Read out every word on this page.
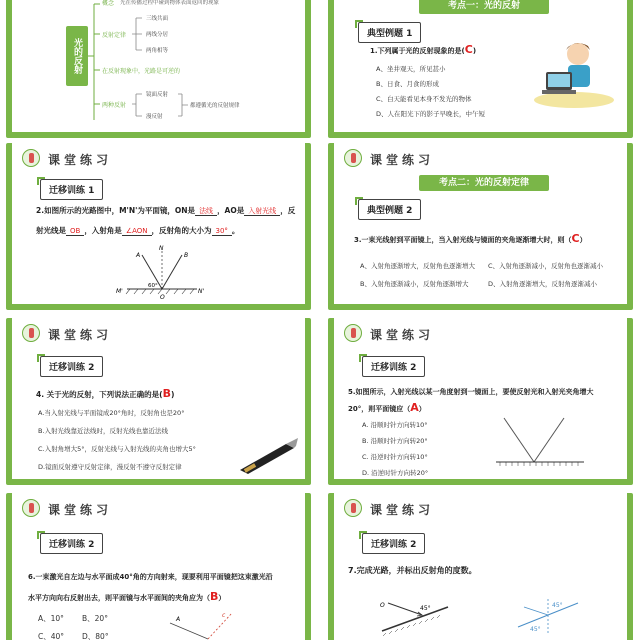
光的反射
概念 光在传播过程中碰到物体表面返回的现象
反射定律
三线共面
两线分居
两角相等
在反射现象中，光路是可逆的
两种反射
镜面反射
漫反射
都遵循光的反射规律
考点一：光的反射
典型例题 1
1.下列属于光的反射现象的是(C)
A、坐井观天，所见甚小
B、日食、月食的形成
C、白天能看见本身不发光的物体
D、人在阳光下的影子早晚长，中午短
课堂练习
迁移训练 1
2.如图所示的光路图中，M'N'为平面镜，ON是 法线 ，AO是 入射光线 ，反
射光线是 OB ，入射角是 ∠AON ，反射角的大小为 30° 。
A
N
B
M'	N'
O
60°
课堂练习
考点二：光的反射定律
典型例题 2
3.一束光线射到平面镜上，当入射光线与镜面的夹角逐渐增大时，则（C）
A、入射角逐渐增大，反射角也逐渐增大 C、入射角逐渐减小，反射角也逐渐减小
B、入射角逐渐减小，反射角逐渐增大	D、入射角逐渐增大，反射角逐渐减小
课堂练习
迁移训练 2
4. 关于光的反射，下列说法正确的是(B)
A.当入射光线与平面镜成20°角时，反射角也是20°
B.入射光线靠近法线时，反射光线也靠近法线
C.入射角增大5°，反射光线与入射光线的夹角也增大5°
D.镜面反射遵守反射定律，漫反射不遵守反射定律
课堂练习
迁移训练 2
5.如图所示，入射光线以某一角度射到一镜面上，要使反射光和入射光夹角增大
20°，则平面镜应（A）
A. 沿顺时针方向转10°
B. 沿顺时针方向转20°
C. 沿逆时针方向转10°
D. 沿逆时针方向转20°
课堂练习
迁移训练 2
6.一束激光自左边与水平面成40°角的方向射来，现要利用平面镜把这束激光沿
水平方向向右反射出去，则平面镜与水平面间的夹角应为（B）
A、10° B、20°
C、40° D、80°
A
c
课堂练习
迁移训练 2
7.完成光路，并标出反射角的度数。
O	45°	45°
45°
